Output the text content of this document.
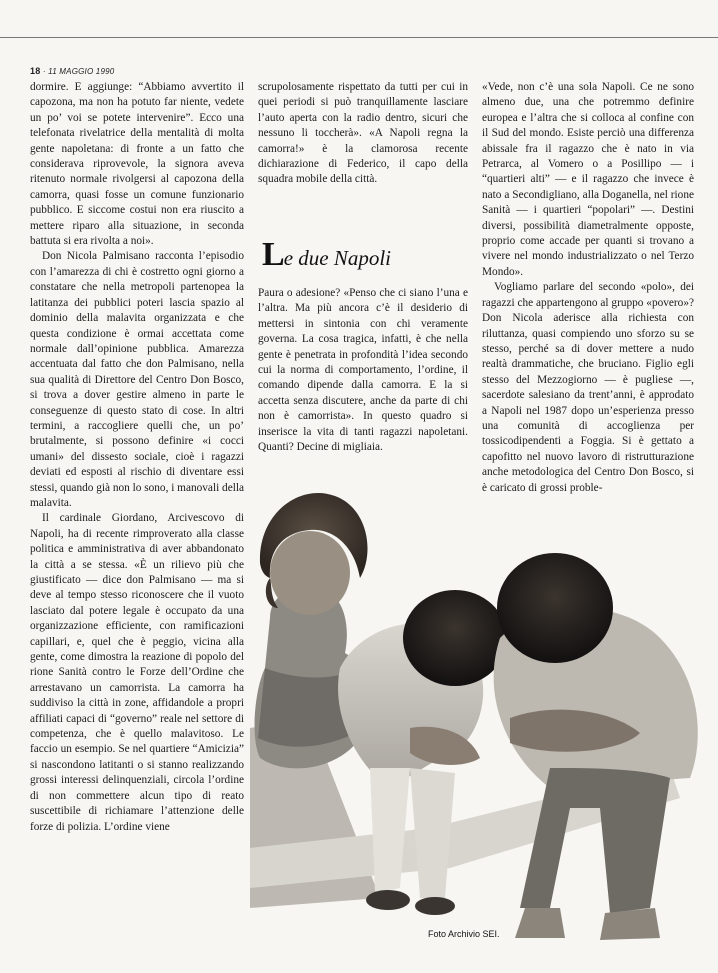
18 · 11 MAGGIO 1990

dormire. E aggiunge: “Abbiamo avvertito il capozona, ma non ha potuto far niente, vedete un po’ voi se potete intervenire”. Ecco una telefonata rivelatrice della mentalità di molta gente napoletana: di fronte a un fatto che considerava riprovevole, la signora aveva ritenuto normale rivolgersi al capozona della camorra, quasi fosse un comune funzionario pubblico. E siccome costui non era riuscito a mettere riparo alla situazione, in seconda battuta si era rivolta a noi».

Don Nicola Palmisano racconta l’episodio con l’amarezza di chi è costretto ogni giorno a constatare che nella metropoli partenopea la latitanza dei pubblici poteri lascia spazio al dominio della malavita organizzata e che questa condizione è ormai accettata come normale dall’opinione pubblica. Amarezza accentuata dal fatto che don Palmisano, nella sua qualità di Direttore del Centro Don Bosco, si trova a dover gestire almeno in parte le conseguenze di questo stato di cose. In altri termini, a raccogliere quelli che, un po’ brutalmente, si possono definire «i cocci umani» del dissesto sociale, cioè i ragazzi deviati ed esposti al rischio di diventare essi stessi, quando già non lo sono, i manovali della malavita.

Il cardinale Giordano, Arcivescovo di Napoli, ha di recente rimproverato alla classe politica e amministrativa di aver abbandonato la città a se stessa. «È un rilievo più che giustificato — dice don Palmisano — ma si deve al tempo stesso riconoscere che il vuoto lasciato dal potere legale è occupato da una organizzazione efficiente, con ramificazioni capillari, e, quel che è peggio, vicina alla gente, come dimostra la reazione di popolo del rione Sanità contro le Forze dell’Ordine che arrestavano un camorrista. La camorra ha suddiviso la città in zone, affidandole a propri affiliati capaci di “governo” reale nel settore di competenza, che è quello malavitoso. Le faccio un esempio. Se nel quartiere “Amicizia” si nascondono latitanti o si stanno realizzando grossi interessi delinquenziali, circola l’ordine di non commettere alcun tipo di reato suscettibile di richiamare l’attenzione delle forze di polizia. L’ordine viene

scrupolosamente rispettato da tutti per cui in quei periodi si può tranquillamente lasciare l’auto aperta con la radio dentro, sicuri che nessuno li toccherà». «A Napoli regna la camorra!» è la clamorosa recente dichiarazione di Federico, il capo della squadra mobile della città.

Le due Napoli

Paura o adesione? «Penso che ci siano l’una e l’altra. Ma più ancora c’è il desiderio di mettersi in sintonia con chi veramente governa. La cosa tragica, infatti, è che nella gente è penetrata in profondità l’idea secondo cui la norma di comportamento, l’ordine, il comando dipende dalla camorra. E la si accetta senza discutere, anche da parte di chi non è camorrista». In questo quadro si inserisce la vita di tanti ragazzi napoletani. Quanti? Decine di migliaia.

«Vede, non c’è una sola Napoli. Ce ne sono almeno due, una che potremmo definire europea e l’altra che si colloca al confine con il Sud del mondo. Esiste perciò una differenza abissale fra il ragazzo che è nato in via Petrarca, al Vomero o a Posillipo — i “quartieri alti” — e il ragazzo che invece è nato a Secondigliano, alla Doganella, nel rione Sanità — i quartieri “popolari” —. Destini diversi, possibilità diametralmente opposte, proprio come accade per quanti si trovano a vivere nel mondo industrializzato o nel Terzo Mondo».

Vogliamo parlare del secondo «polo», dei ragazzi che appartengono al gruppo «povero»? Don Nicola aderisce alla richiesta con riluttanza, quasi compiendo uno sforzo su se stesso, perché sa di dover mettere a nudo realtà drammatiche, che bruciano. Figlio egli stesso del Mezzogiorno — è pugliese —, sacerdote salesiano da trent’anni, è approdato a Napoli nel 1987 dopo un’esperienza presso una comunità di accoglienza per tossicodipendenti a Foggia. Si è gettato a capofitto nel nuovo lavoro di ristrutturazione anche metodologica del Centro Don Bosco, si è caricato di grossi proble-

Foto Archivio SEI.
